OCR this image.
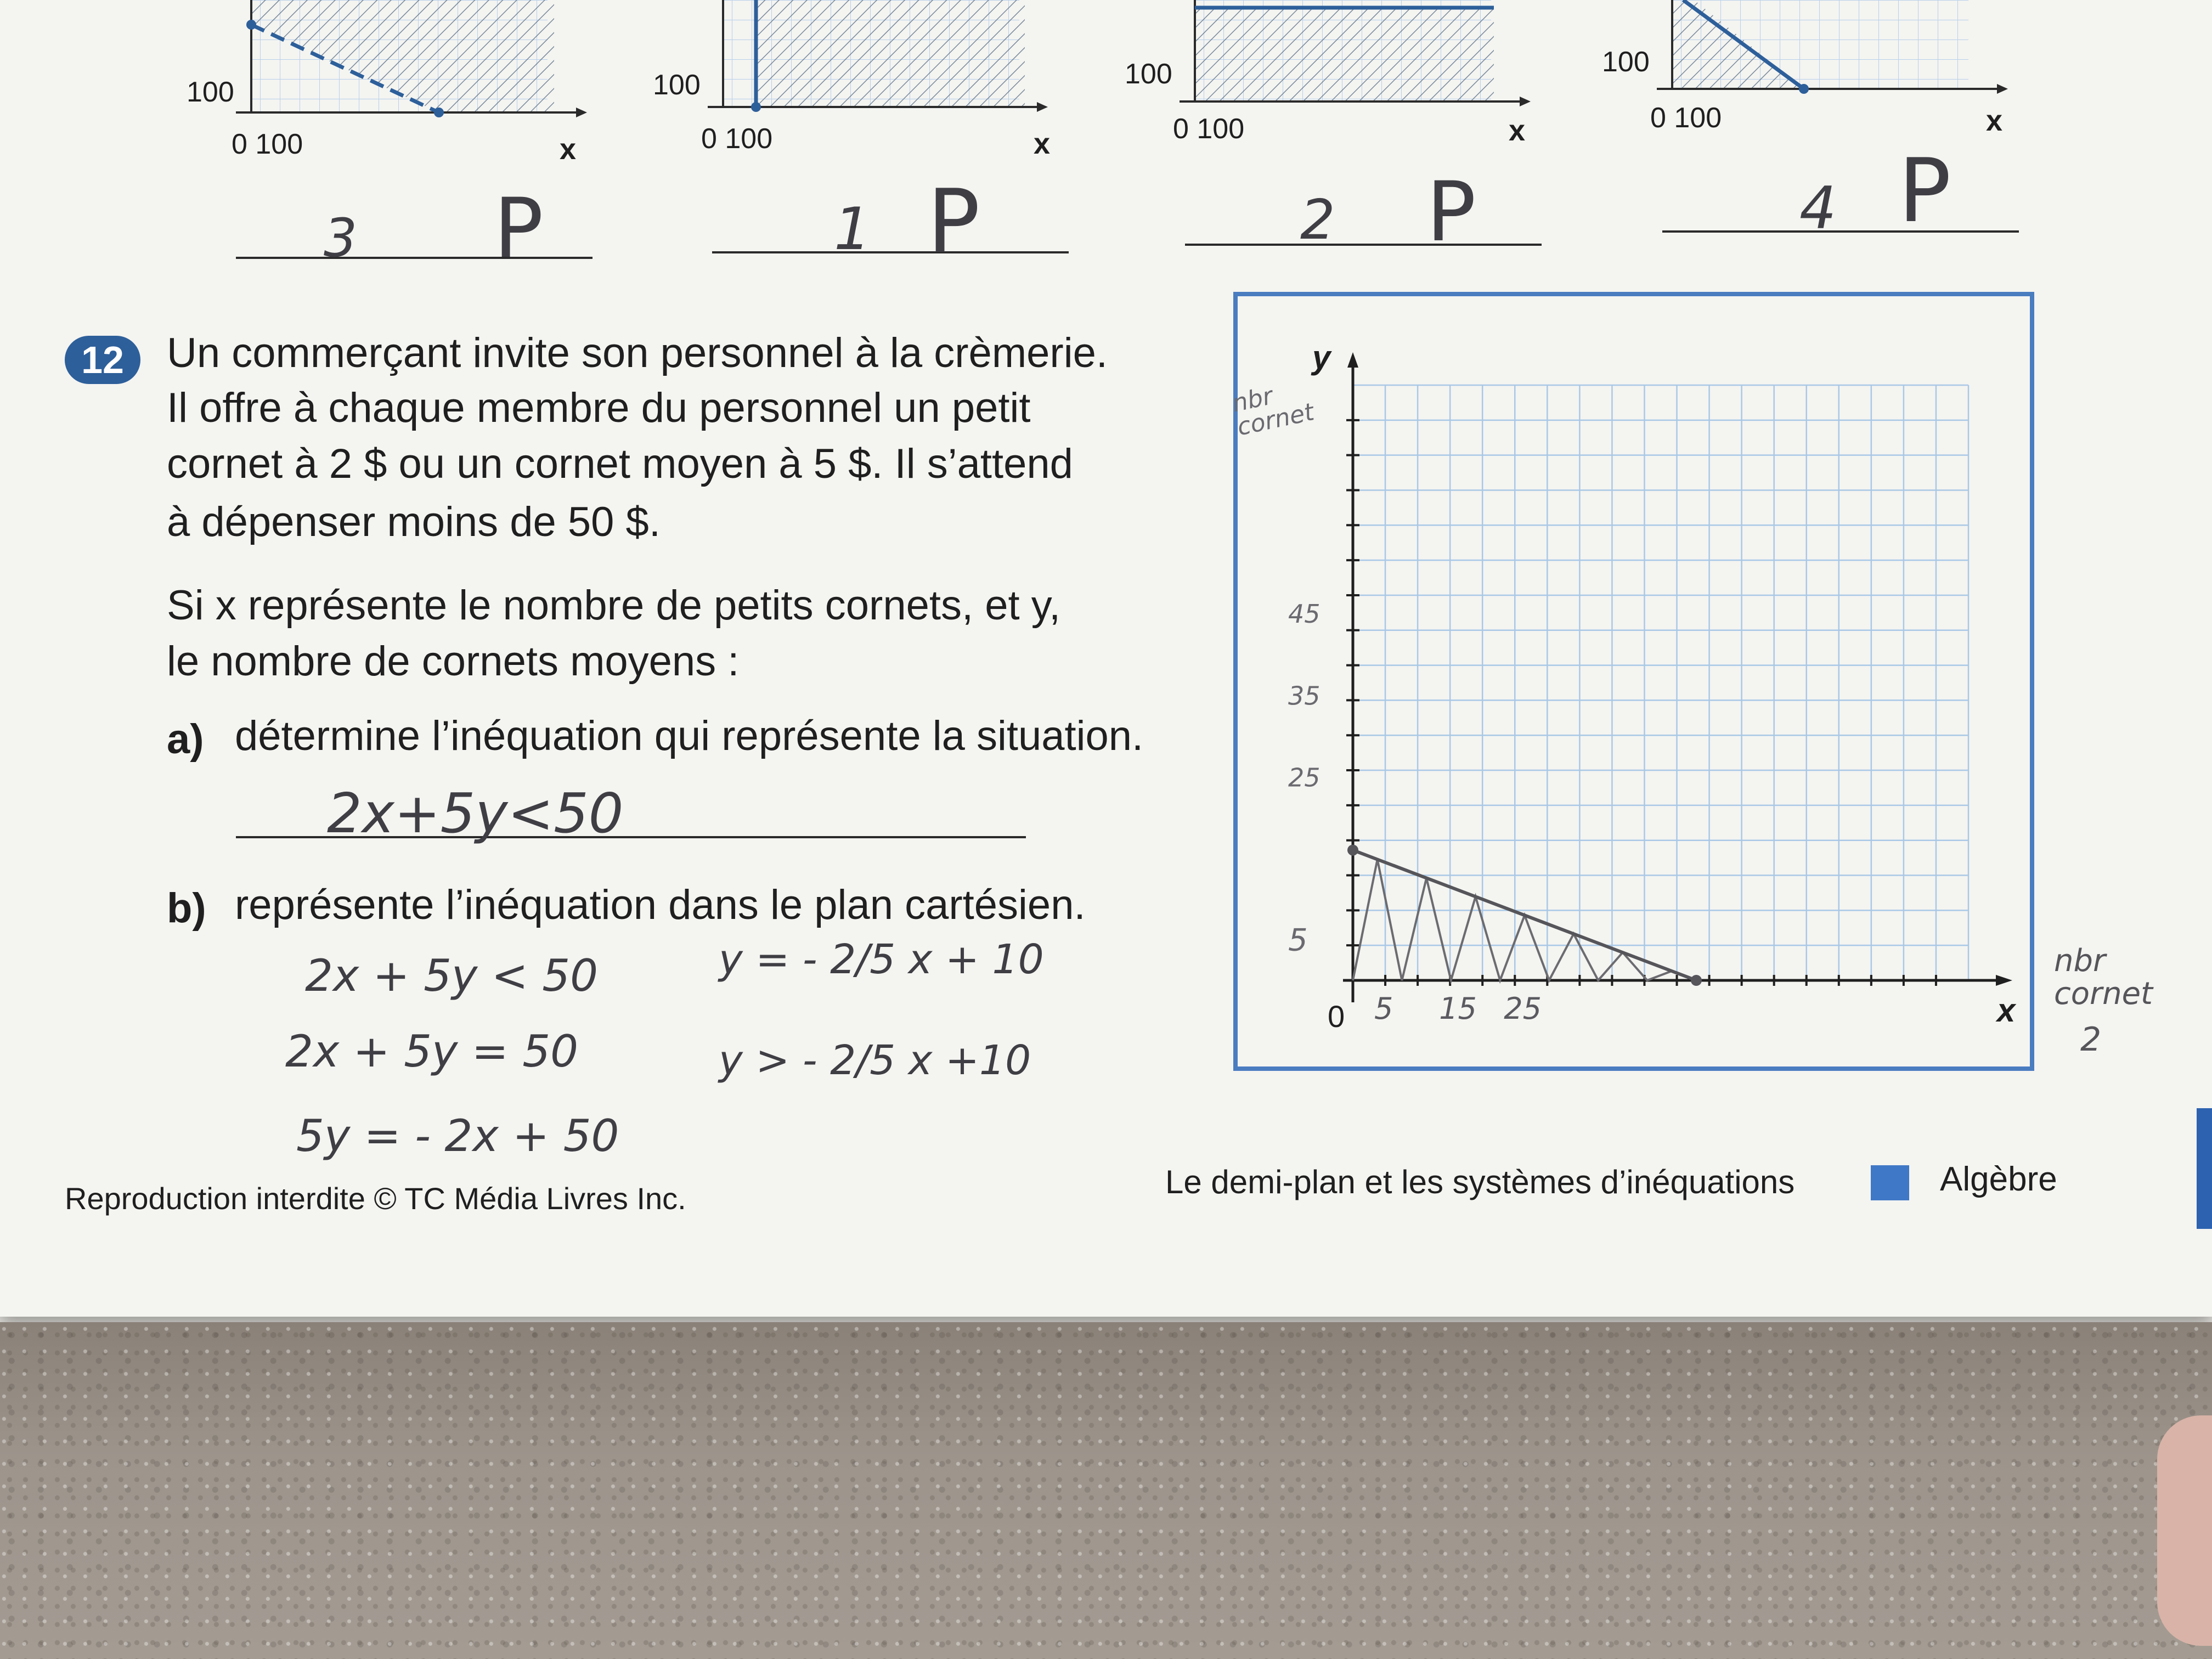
100
0 100	x
100
0 100	x
100
0 100	x
100
0 100	x
3 P	1 P	2 P	4 P
12	Un commerçant invite son personnel à la crèmerie.
Il offre à chaque membre du personnel un petit
cornet à 2 $ ou un cornet moyen à 5 $. Il s’attend
à dépenser moins de 50 $.
Si x représente le nombre de petits cornets, et y,
le nombre de cornets moyens :
a) détermine l’inéquation qui représente la situation.
2x+5y<50
b) représente l’inéquation dans le plan cartésien.
2x + 5y < 50
2x + 5y = 50
5y = - 2x + 50
y = - 2/5 x + 10
y > - 2/5 x +10
5 15 25
5
25
35
45
y
x
0
nbr cornet
nbr cornet
2
Reproduction interdite © TC Média Livres Inc.	Le demi-plan et les systèmes d’inéquations	Algèbre
